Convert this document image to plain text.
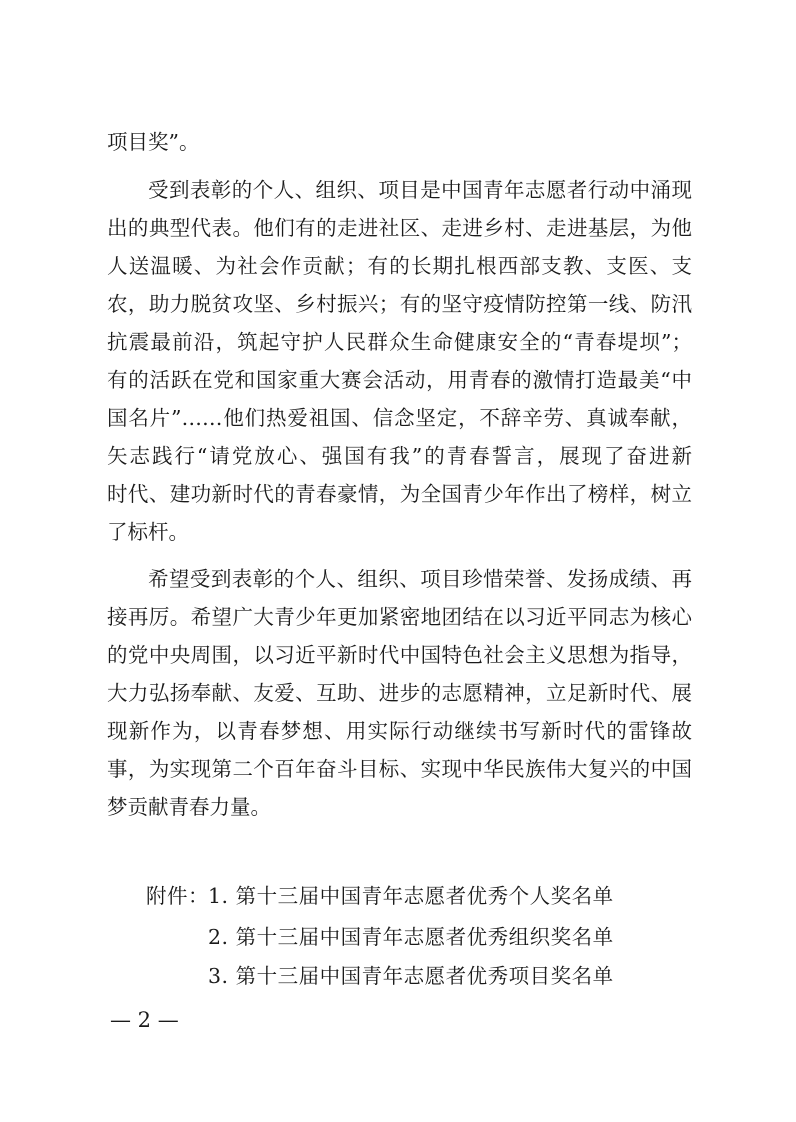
项目奖”。
受到表彰的个人、组织、项目是中国青年志愿者行动中涌现
出的典型代表。他们有的走进社区、走进乡村、走进基层，为他
人送温暖、为社会作贡献；有的长期扎根西部支教、支医、支
农，助力脱贫攻坚、乡村振兴；有的坚守疫情防控第一线、防汛
抗震最前沿，筑起守护人民群众生命健康安全的“青春堤坝”；
有的活跃在党和国家重大赛会活动，用青春的激情打造最美“中
国名片”……他们热爱祖国、信念坚定，不辞辛劳、真诚奉献，
矢志践行“请党放心、强国有我”的青春誓言，展现了奋进新
时代、建功新时代的青春豪情，为全国青少年作出了榜样，树立
了标杆。
希望受到表彰的个人、组织、项目珍惜荣誉、发扬成绩、再
接再厉。希望广大青少年更加紧密地团结在以习近平同志为核心
的党中央周围，以习近平新时代中国特色社会主义思想为指导，
大力弘扬奉献、友爱、互助、进步的志愿精神，立足新时代、展
现新作为，以青春梦想、用实际行动继续书写新时代的雷锋故
事，为实现第二个百年奋斗目标、实现中华民族伟大复兴的中国
梦贡献青春力量。
附件： 1. 第十三届中国青年志愿者优秀个人奖名单
2. 第十三届中国青年志愿者优秀组织奖名单
3. 第十三届中国青年志愿者优秀项目奖名单
— 2 —
